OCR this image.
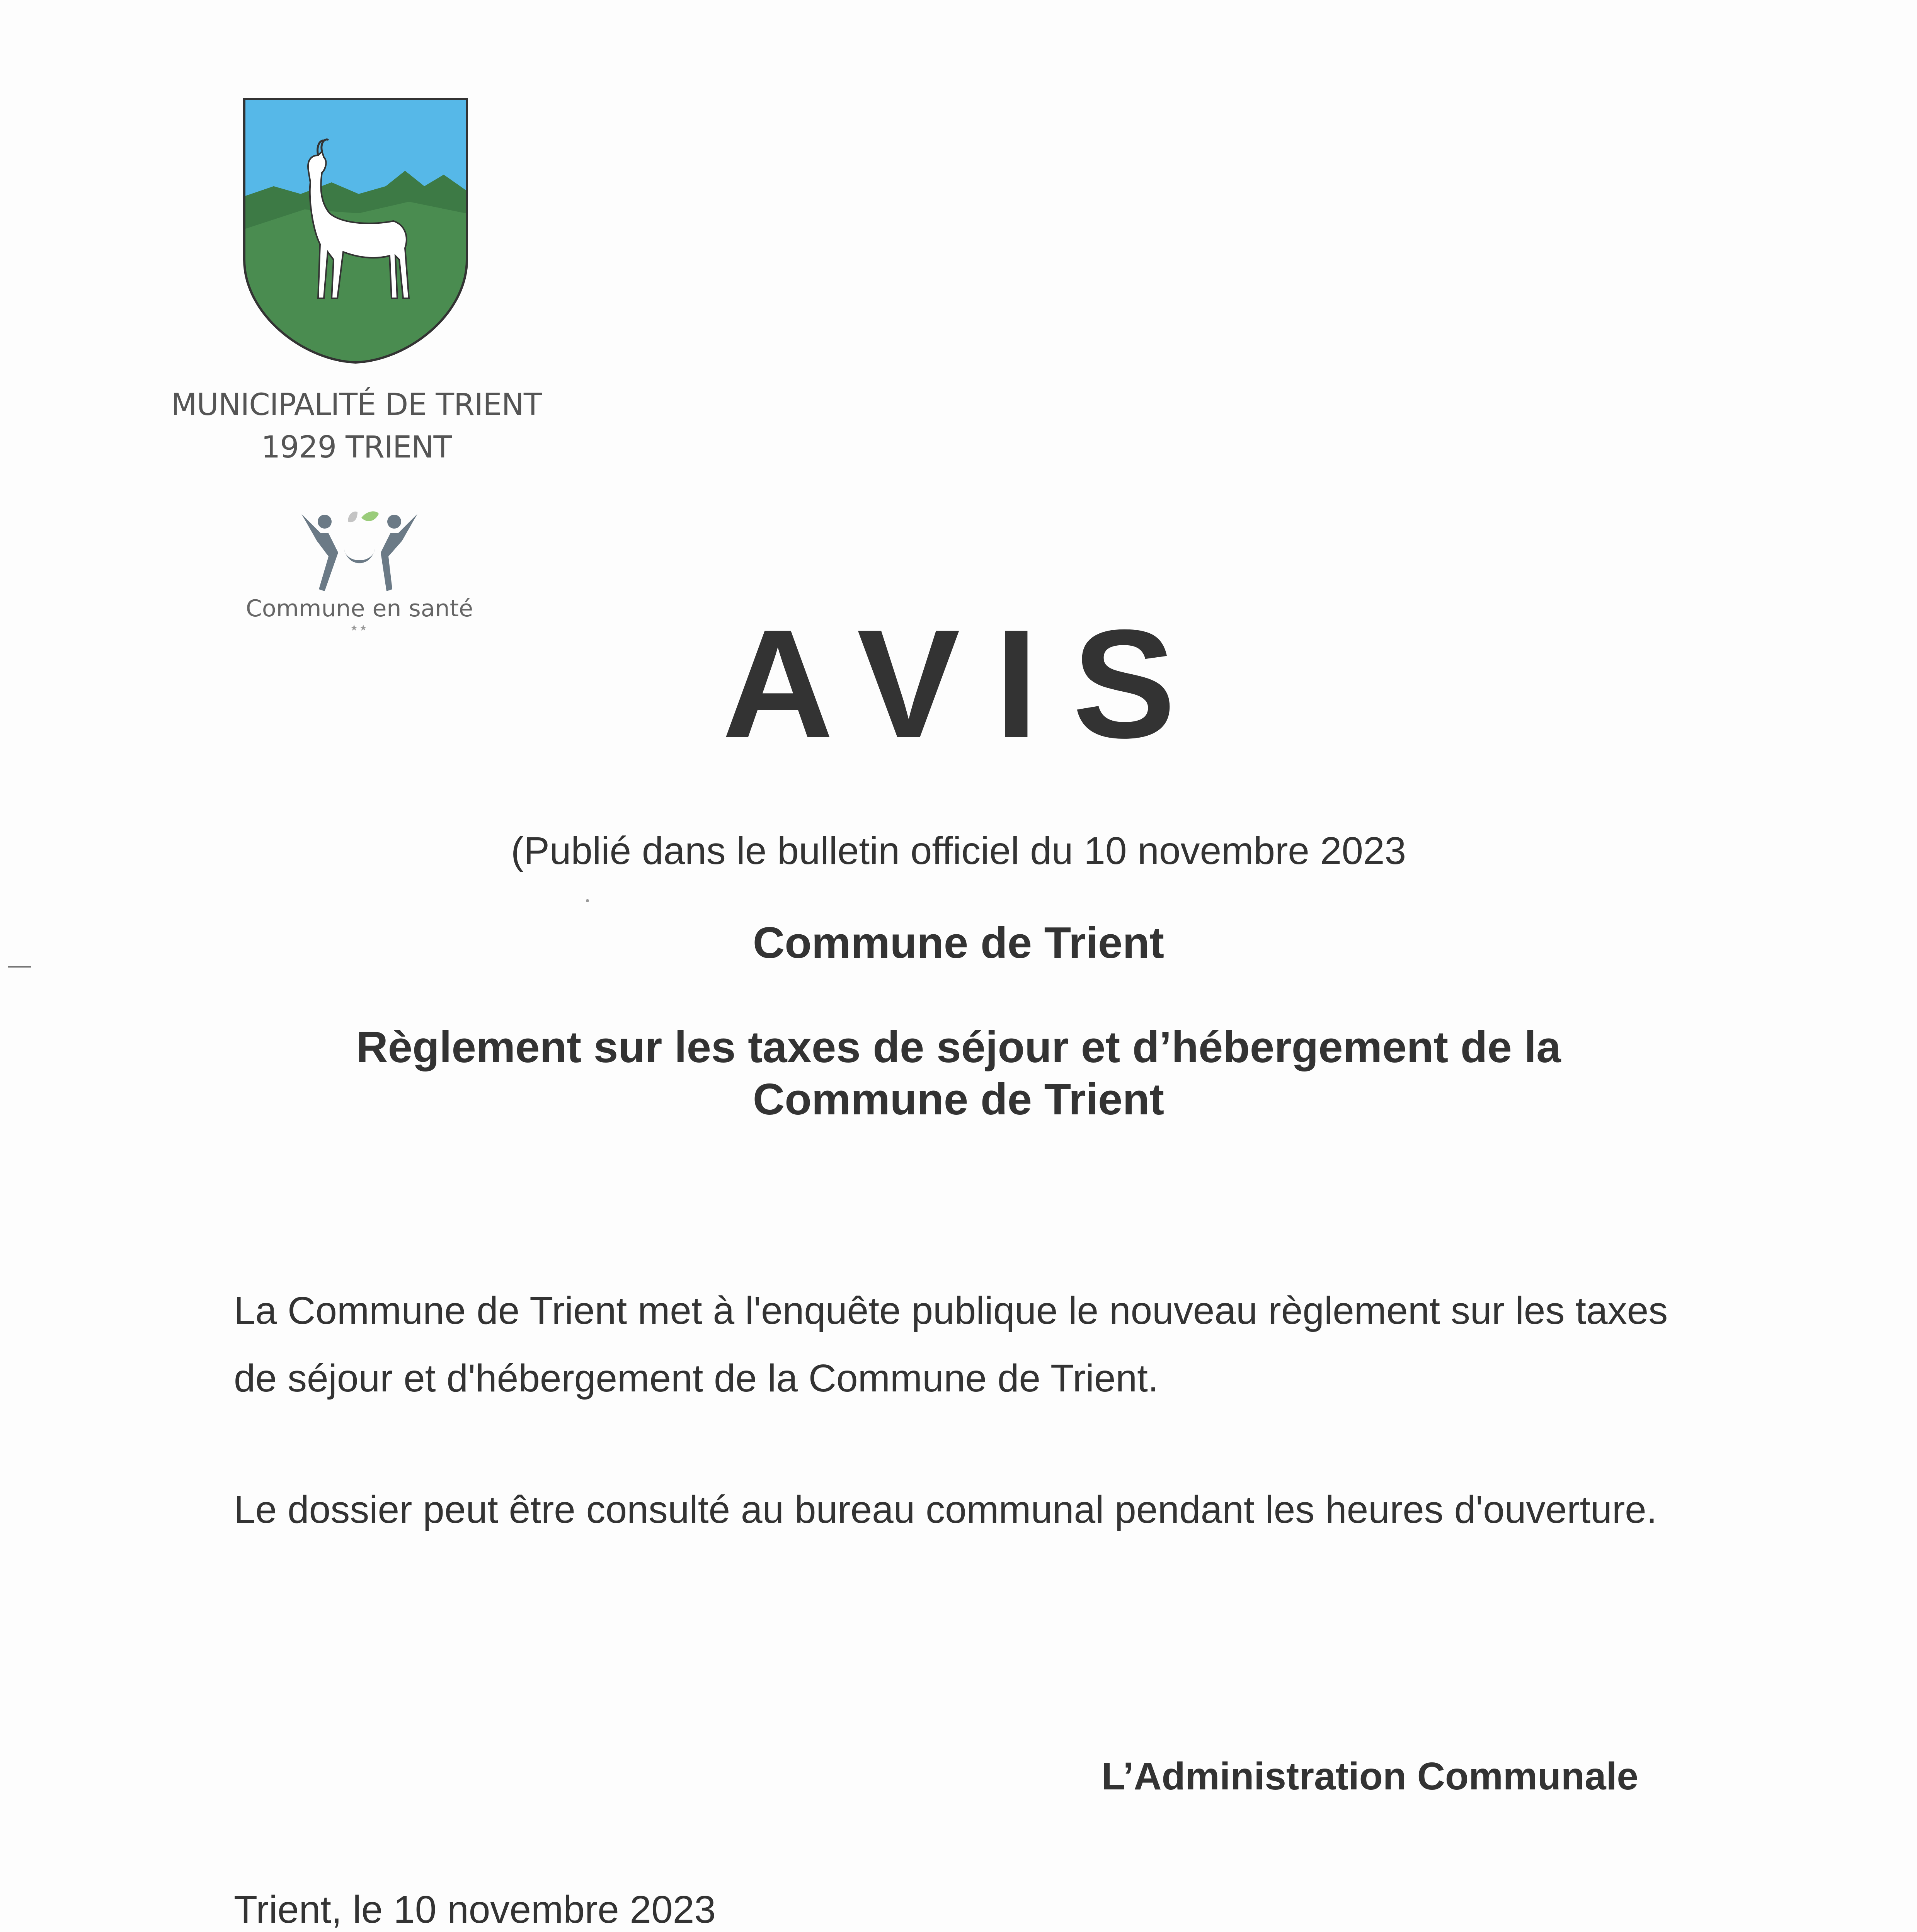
MUNICIPALITÉ DE TRIENT
1929 TRIENT
Commune en santé
★★	AVIS
(Publié dans le bulletin officiel du 10 novembre 2023
Commune de Trient
Règlement sur les taxes de séjour et d’hébergement de la
Commune de Trient
La Commune de Trient met à l'enquête publique le nouveau règlement sur les taxes
de séjour et d'hébergement de la Commune de Trient.
Le dossier peut être consulté au bureau communal pendant les heures d'ouverture.
L’Administration Communale
Trient, le 10 novembre 2023
